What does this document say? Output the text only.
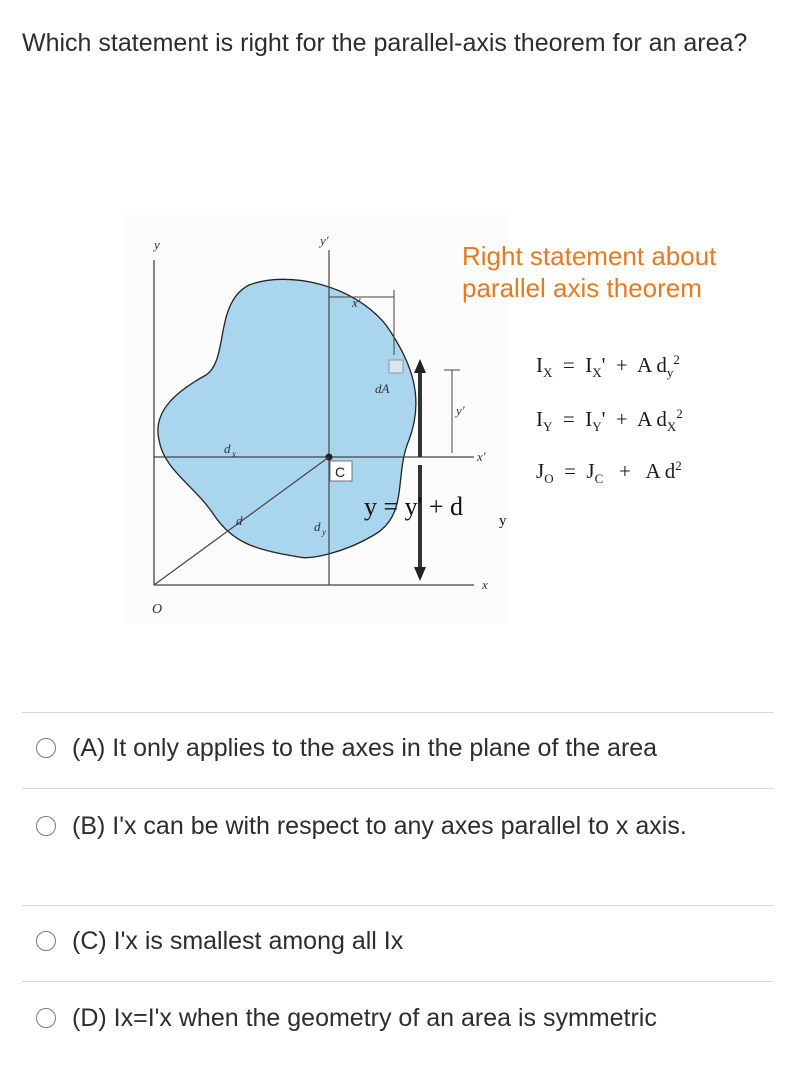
Which statement is right for the parallel-axis theorem for an area?
y	y'
x'
dA
y'
x'
d x
C
d	d y
O
x
y = y' + d y
Right statement about parallel axis theorem
$I_X = I_X' + A$ $d_y^2$
$I_Y = I_Y' + A$ $d_X^2$
$J_O = J_C + A$ $d^2$
(A) It only applies to the axes in the plane of the area
(B) I'x can be with respect to any axes parallel to x axis.
(C) I'x is smallest among all Ix
(D) Ix=I'x when the geometry of an area is symmetric
